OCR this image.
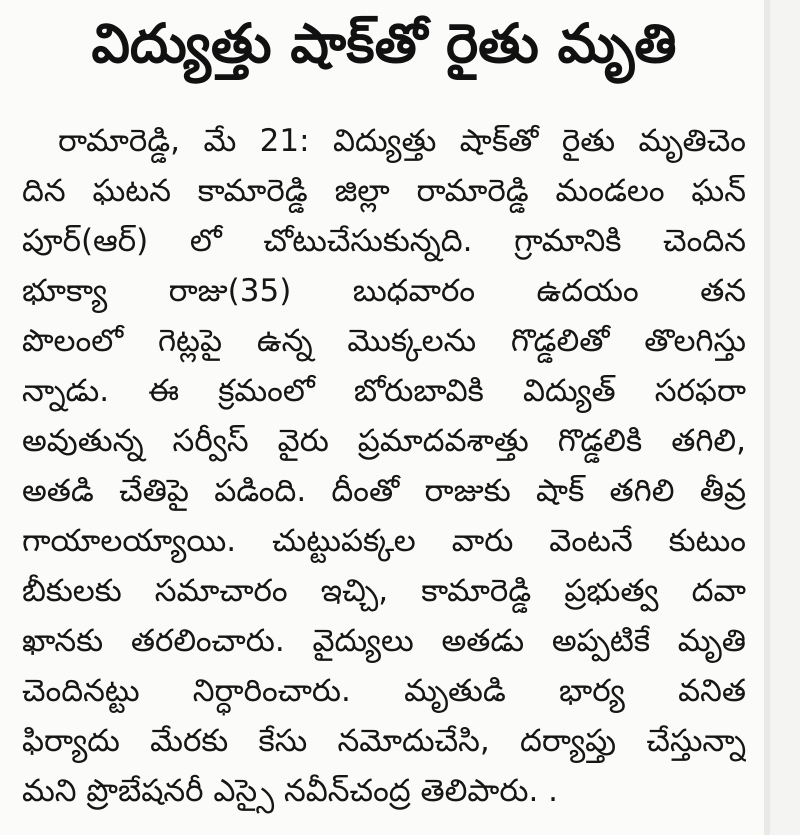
విద్యుత్తు షాక్‌తో రైతు మృతి
రామారెడ్డి, మే 21: విద్యుత్తు షాక్‌తో రైతు మృతిచెం
దిన ఘటన కామారెడ్డి జిల్లా రామారెడ్డి మండలం ఘన్
పూర్(ఆర్) లో చోటుచేసుకున్నది. గ్రామానికి చెందిన
భూక్యా రాజు(35) బుధవారం ఉదయం తన
పొలంలో గెట్లపై ఉన్న మొక్కలను గొడ్డలితో తొలగిస్తు
న్నాడు. ఈ క్రమంలో బోరుబావికి విద్యుత్ సరఫరా
అవుతున్న సర్వీస్ వైరు ప్రమాదవశాత్తు గొడ్డలికి తగిలి,
అతడి చేతిపై పడింది. దీంతో రాజుకు షాక్ తగిలి తీవ్ర
గాయాలయ్యాయి. చుట్టుపక్కల వారు వెంటనే కుటుం
బీకులకు సమాచారం ఇచ్చి, కామారెడ్డి ప్రభుత్వ దవా
ఖానకు తరలించారు. వైద్యులు అతడు అప్పటికే మృతి
చెందినట్టు నిర్ధారించారు. మృతుడి భార్య వనిత
ఫిర్యాదు మేరకు కేసు నమోదుచేసి, దర్యాప్తు చేస్తున్నా
మని ప్రొబేషనరీ ఎస్సై నవీన్‌చంద్ర తెలిపారు. .
